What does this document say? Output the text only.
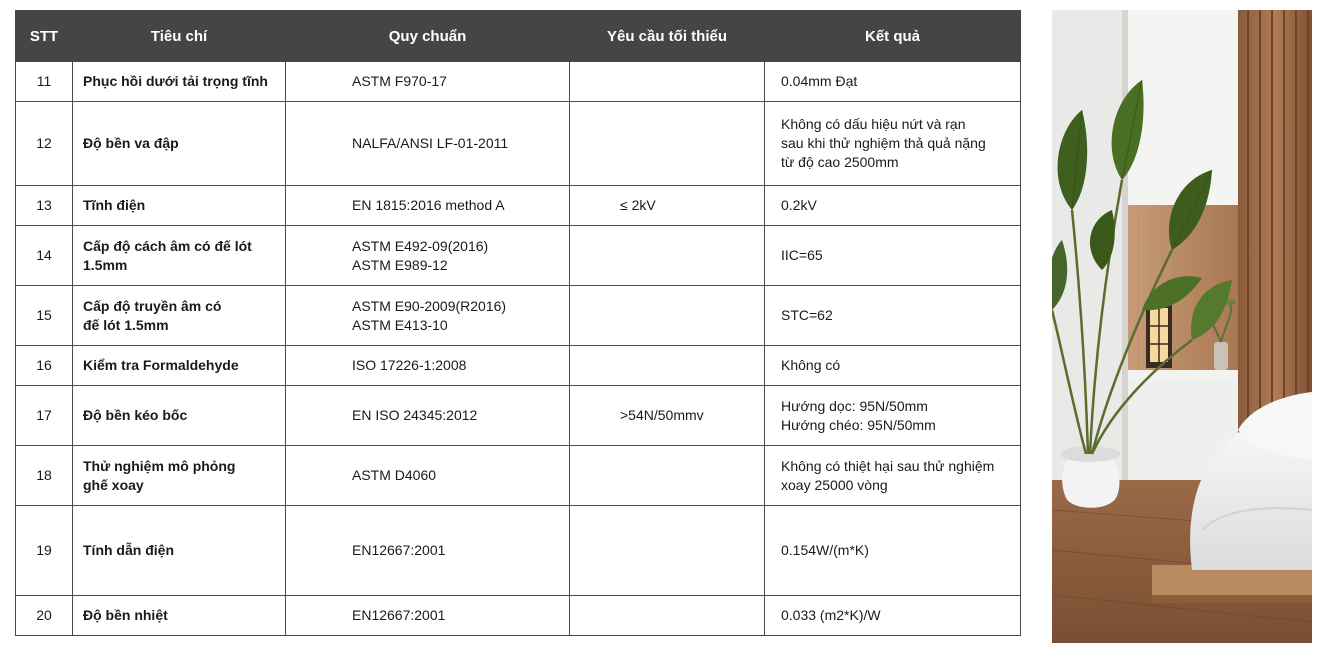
STT	Tiêu chí	Quy chuẩn	Yêu cầu tối thiểu	Kết quả
11	Phục hồi dưới tải trọng tĩnh	ASTM F970-17		0.04mm Đạt

12	Độ bền va đập	NALFA/ANSI LF-01-2011		Không có dấu hiệu nứt và rạn
sau khi thử nghiệm thả quả nặng
từ độ cao 2500mm

13	Tĩnh điện	EN 1815:2016 method A	≤ 2kV	0.2kV

14	Cấp độ cách âm có đế lót
1.5mm	ASTM E492-09(2016)
ASTM E989-12		IIC=65

15	Cấp độ truyền âm có
đế lót 1.5mm	ASTM E90-2009(R2016)
ASTM E413-10		STC=62

16	Kiểm tra Formaldehyde	ISO 17226-1:2008		Không có

17	Độ bền kéo bốc	EN ISO 24345:2012	>54N/50mmv	Hướng dọc: 95N/50mm
Hướng chéo: 95N/50mm

18	Thử nghiệm mô phỏng
ghế xoay	ASTM D4060		Không có thiệt hại sau thử nghiệm
xoay 25000 vòng

19	Tính dẫn điện	EN12667:2001		0.154W/(m*K)

20	Độ bền nhiệt	EN12667:2001		0.033 (m2*K)/W
